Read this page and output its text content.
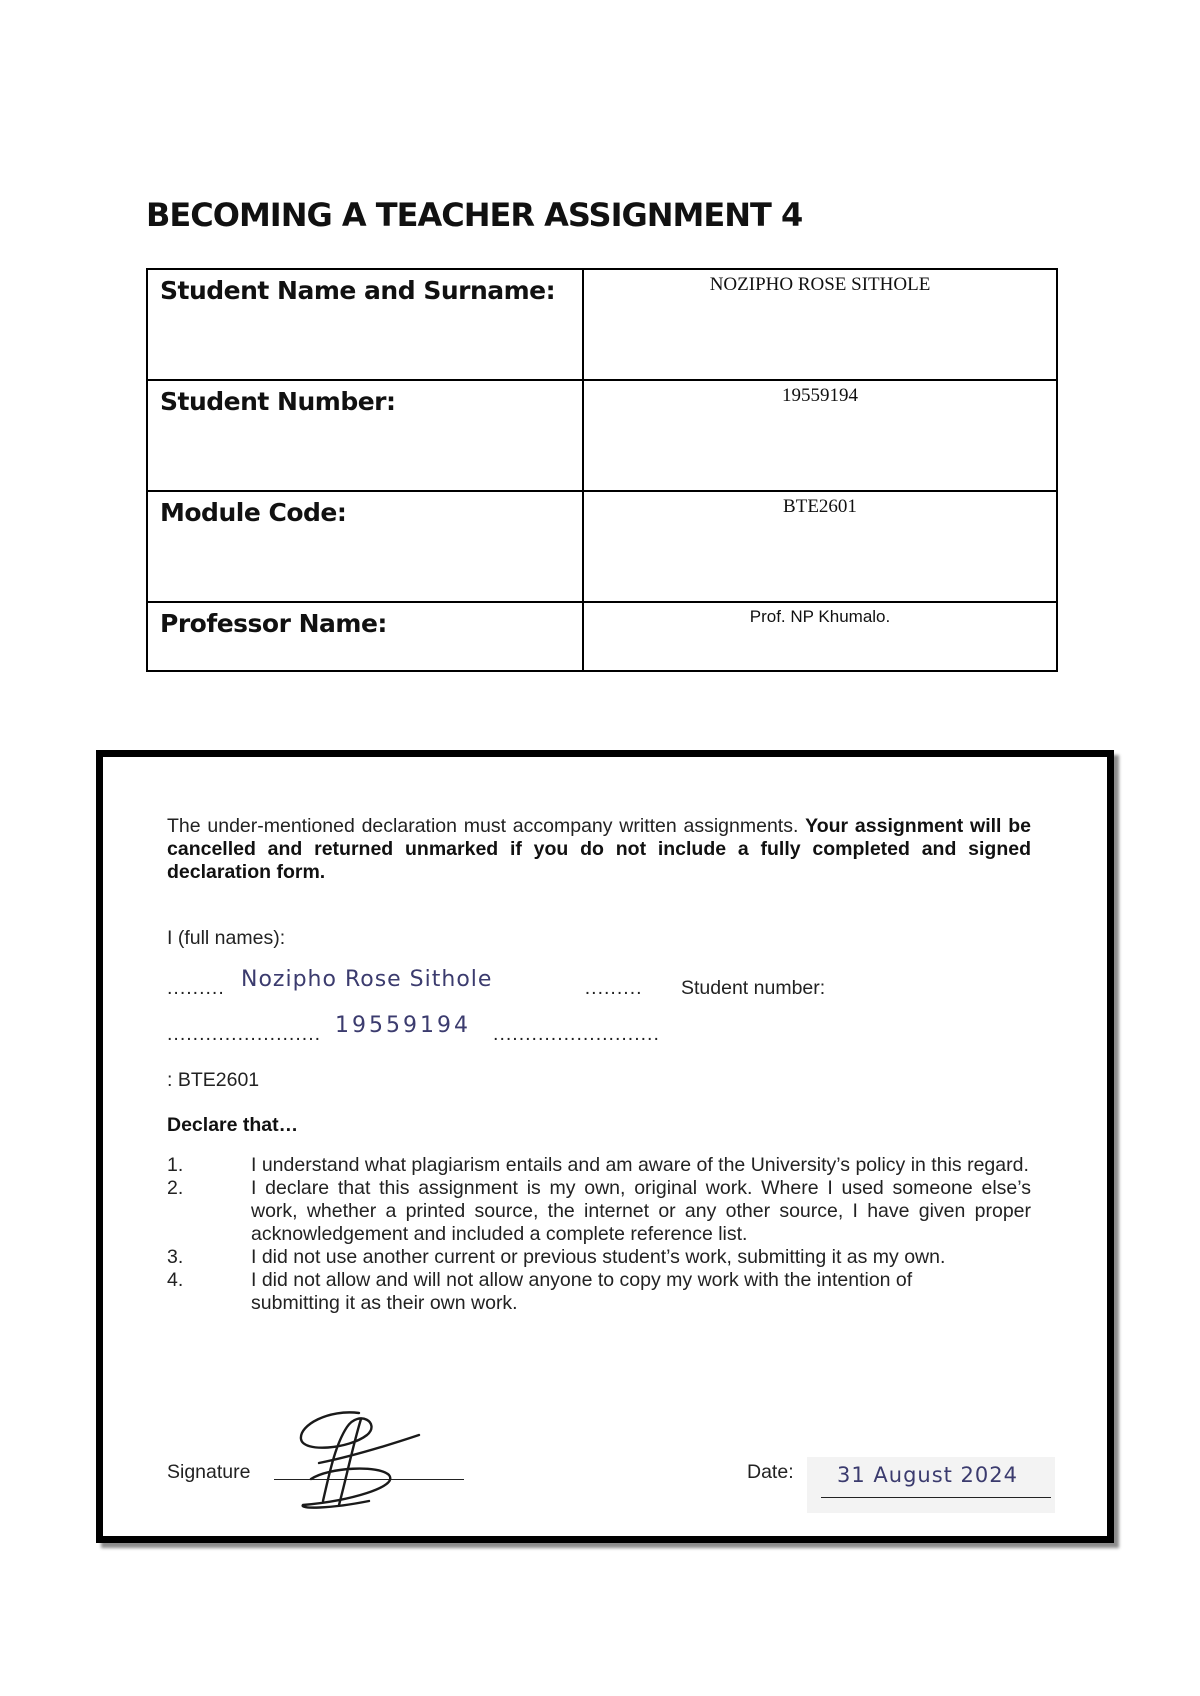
BECOMING A TEACHER ASSIGNMENT 4
Student Name and Surname:	NOZIPHO ROSE SITHOLE
Student Number:	19559194
Module Code:	BTE2601
Professor Name:	Prof. NP Khumalo.

The under-mentioned declaration must accompany written assignments. Your assignment will be cancelled and returned unmarked if you do not include a fully completed and signed declaration form.

I (full names):
.........	.........
Nozipho Rose Sithole	Student number:
........................	..........................
19559194
: BTE2601
Declare that…
1.	I understand what plagiarism entails and am aware of the University’s policy in this regard.
2.	I declare that this assignment is my own, original work. Where I used someone else’s work, whether a printed source, the internet or any other source, I have given proper acknowledgement and included a complete reference list.
3.	I did not use another current or previous student’s work, submitting it as my own.
4.	I did not allow and will not allow anyone to copy my work with the intention of submitting it as their own work.
Signature	Date: 31 August 2024
